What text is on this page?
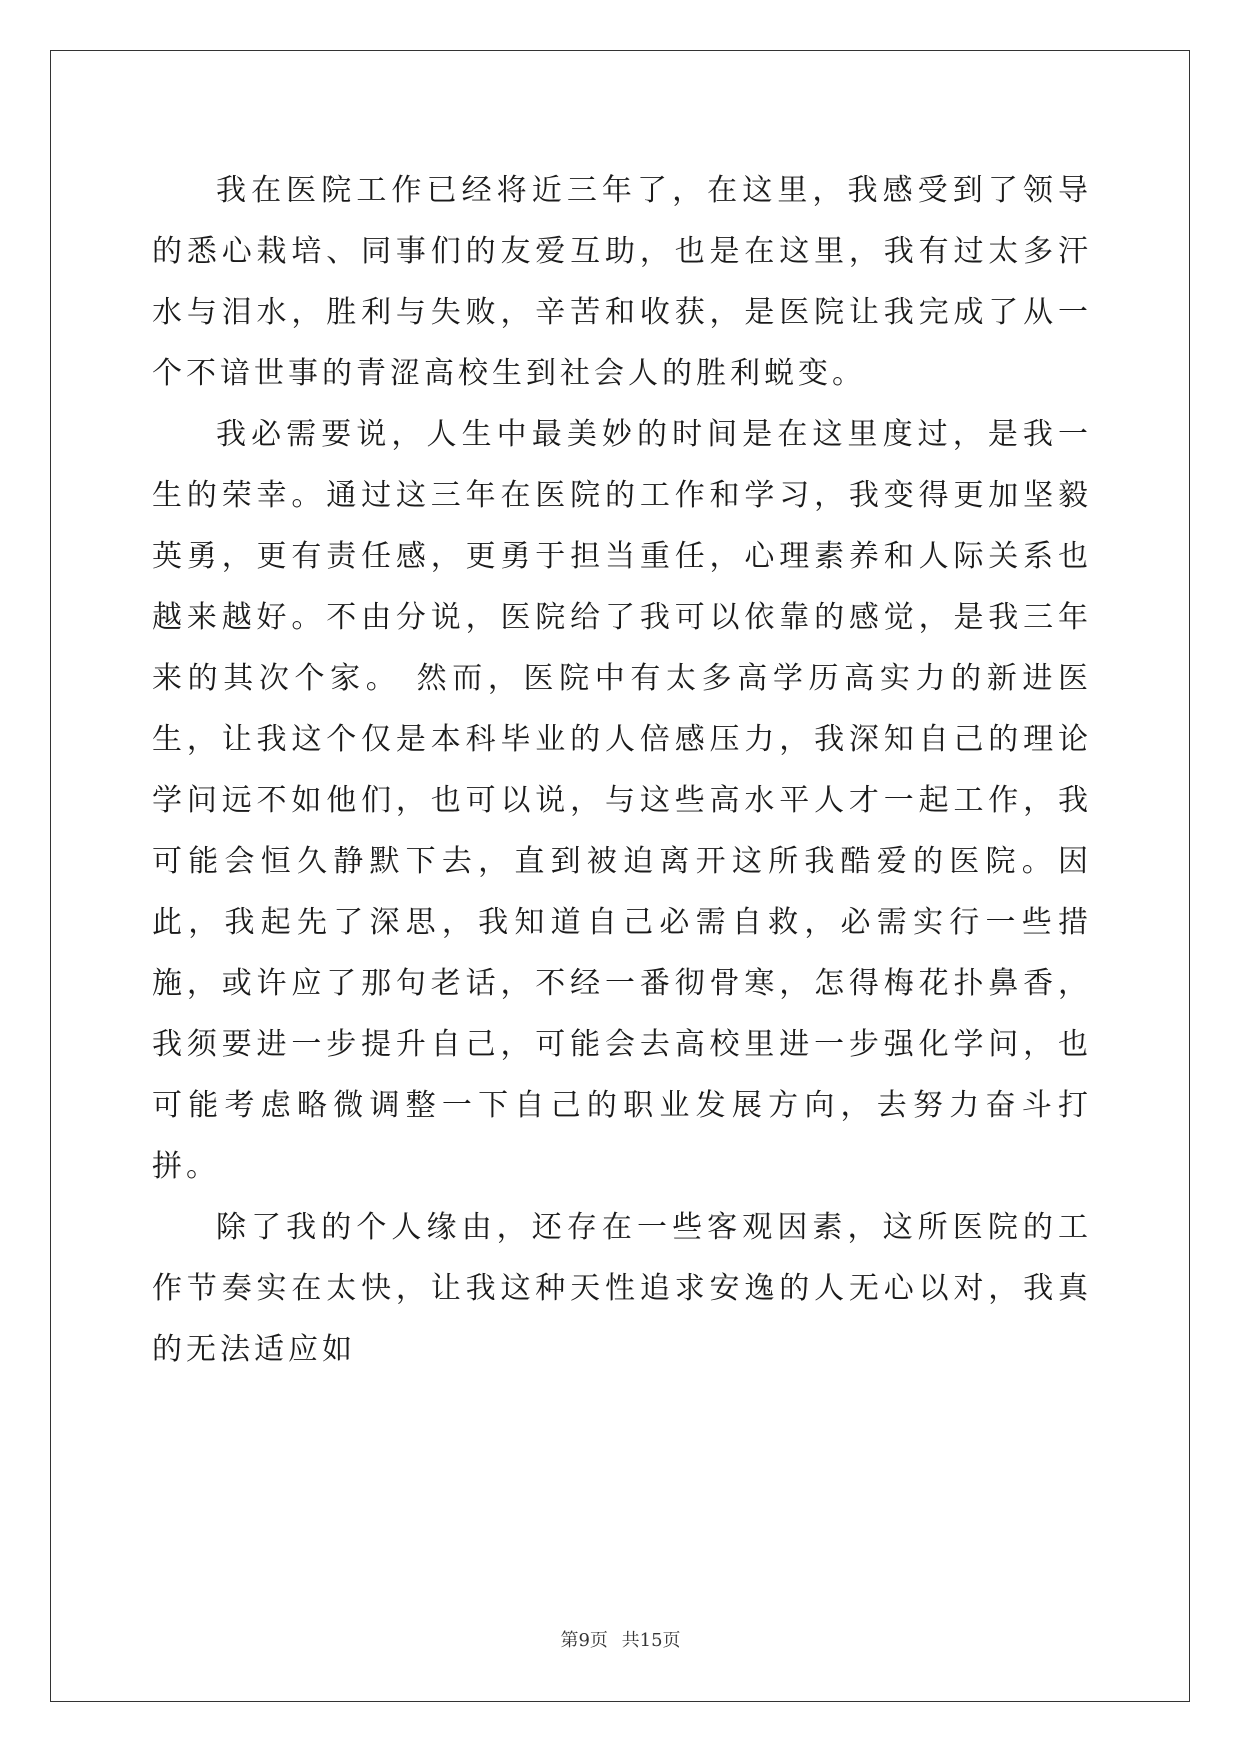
我在医院工作已经将近三年了，在这里，我感受到了领导的悉心栽培、同事们的友爱互助，也是在这里，我有过太多汗水与泪水，胜利与失败，辛苦和收获，是医院让我完成了从一个不谙世事的青涩高校生到社会人的胜利蜕变。

我必需要说，人生中最美妙的时间是在这里度过，是我一生的荣幸。通过这三年在医院的工作和学习，我变得更加坚毅英勇，更有责任感，更勇于担当重任，心理素养和人际关系也越来越好。不由分说，医院给了我可以依靠的感觉，是我三年来的其次个家。 然而，医院中有太多高学历高实力的新进医生，让我这个仅是本科毕业的人倍感压力，我深知自己的理论学问远不如他们，也可以说，与这些高水平人才一起工作，我可能会恒久静默下去，直到被迫离开这所我酷爱的医院。因此，我起先了深思，我知道自己必需自救，必需实行一些措施，或许应了那句老话，不经一番彻骨寒，怎得梅花扑鼻香，我须要进一步提升自己，可能会去高校里进一步强化学问，也可能考虑略微调整一下自己的职业发展方向，去努力奋斗打拼。

除了我的个人缘由，还存在一些客观因素，这所医院的工作节奏实在太快，让我这种天性追求安逸的人无心以对，我真的无法适应如

第9页 共15页
